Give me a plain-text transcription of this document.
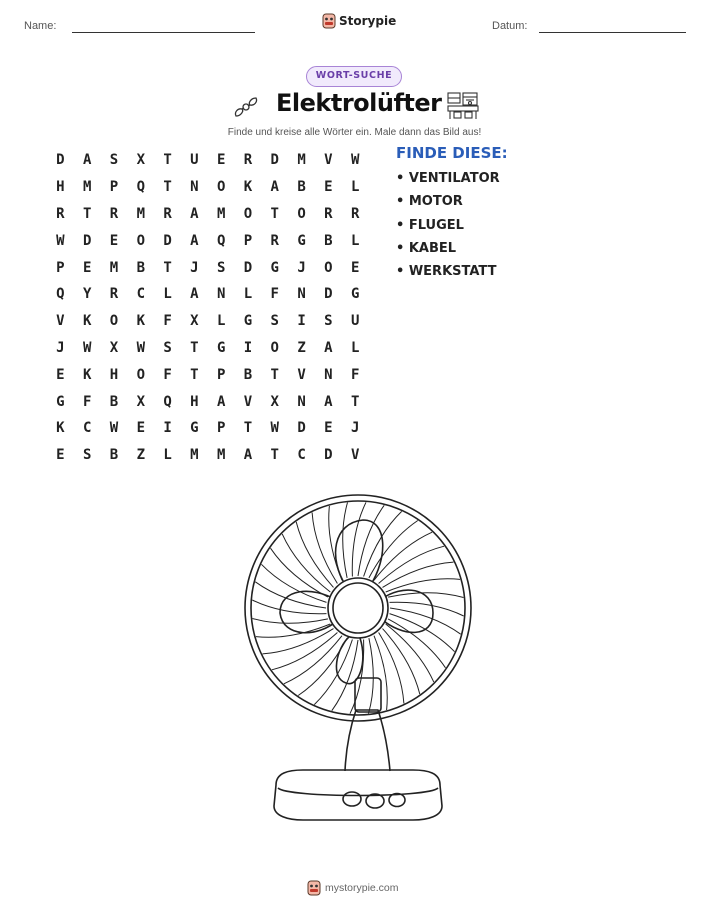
Name:	Storypie	Datum:
WORT-SUCHE
Elektrolüfter
Finde und kreise alle Wörter ein. Male dann das Bild aus!
D	A	S	X	T	U	E	R	D	M	V	W
H	M	P	Q	T	N	O	K	A	B	E	L
R	T	R	M	R	A	M	O	T	O	R	R
W	D	E	O	D	A	Q	P	R	G	B	L
P	E	M	B	T	J	S	D	G	J	O	E
Q	Y	R	C	L	A	N	L	F	N	D	G
V	K	O	K	F	X	L	G	S	I	S	U
J	W	X	W	S	T	G	I	O	Z	A	L
E	K	H	O	F	T	P	B	T	V	N	F
G	F	B	X	Q	H	A	V	X	N	A	T
K	C	W	E	I	G	P	T	W	D	E	J
E	S	B	Z	L	M	M	A	T	C	D	V
FINDE DIESE:
• VENTILATOR
• MOTOR
• FLUGEL
• KABEL
• WERKSTATT
mystorypie.com
